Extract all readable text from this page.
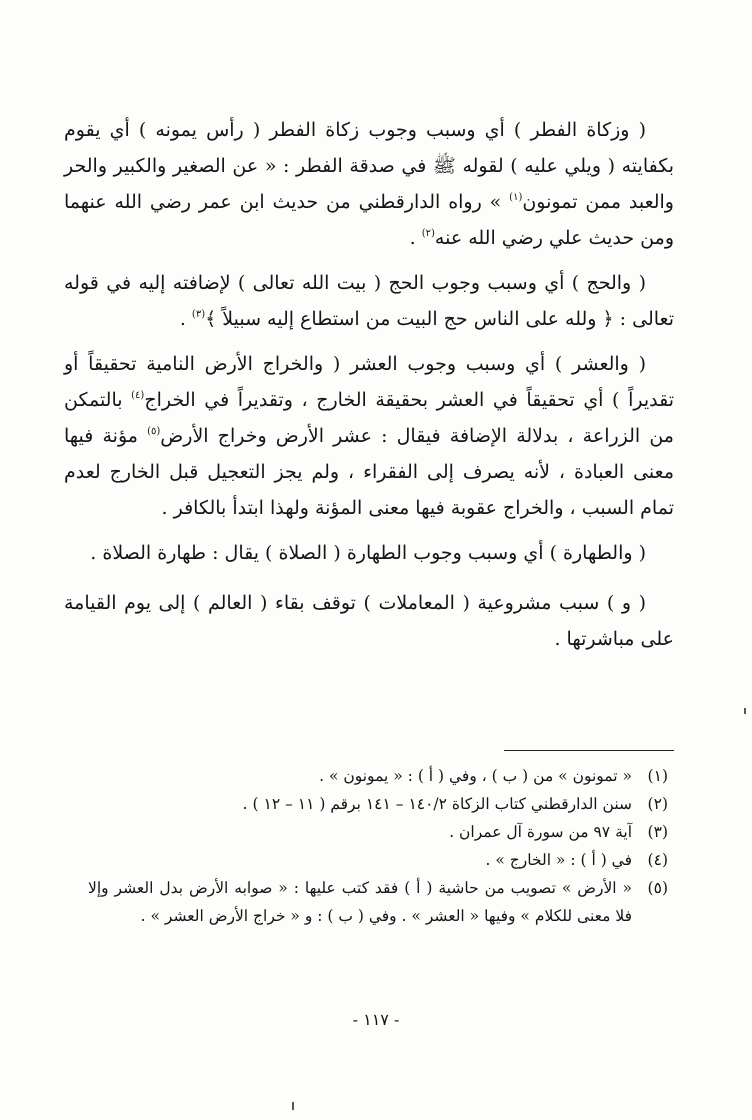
( وزكاة الفطر ) أي وسبب وجوب زكاة الفطر ( رأس يمونه ) أي يقوم بكفايته ( ويلي عليه ) لقوله ﷺ في صدقة الفطر : « عن الصغير والكبير والحر والعبد ممن تمونون$^{(١)}$ » رواه الدارقطني من حديث ابن عمر رضي الله عنهما ومن حديث علي رضي الله عنه$^{(٢)}$ .

( والحج ) أي وسبب وجوب الحج ( بيت الله تعالى ) لإضافته إليه في قوله تعالى : ﴿ ولله على الناس حج البيت من استطاع إليه سبيلاً ﴾$^{(٣)}$ .

( والعشر ) أي وسبب وجوب العشر ( والخراج الأرض النامية تحقيقاً أو تقديراً ) أي تحقيقاً في العشر بحقيقة الخارج ، وتقديراً في الخراج$^{(٤)}$ بالتمكن من الزراعة ، بدلالة الإضافة فيقال : عشر الأرض وخراج الأرض$^{(٥)}$ مؤنة فيها معنى العبادة ، لأنه يصرف إلى الفقراء ، ولم يجز التعجيل قبل الخارج لعدم تمام السبب ، والخراج عقوبة فيها معنى المؤنة ولهذا ابتدأ بالكافر .

( والطهارة ) أي وسبب وجوب الطهارة ( الصلاة ) يقال : طهارة الصلاة .

( و ) سبب مشروعية ( المعاملات ) توقف بقاء ( العالم ) إلى يوم القيامة على مباشرتها .

(١)
« تمونون » من ( ب ) ، وفي ( أ ) : « يمونون » .
(٢)
سنن الدارقطني كتاب الزكاة ١٤٠/٢ – ١٤١ برقم ( ١١ – ١٢ ) .
(٣)
آية ٩٧ من سورة آل عمران .
(٤)
في ( أ ) : « الخارج » .
(٥)
« الأرض » تصويب من حاشية ( أ ) فقد كتب عليها : « صوابه الأرض بدل العشر وإلا فلا معنى للكلام » وفيها « العشر » . وفي ( ب ) : و « خراج الأرض العشر » .
- ١١٧ -
